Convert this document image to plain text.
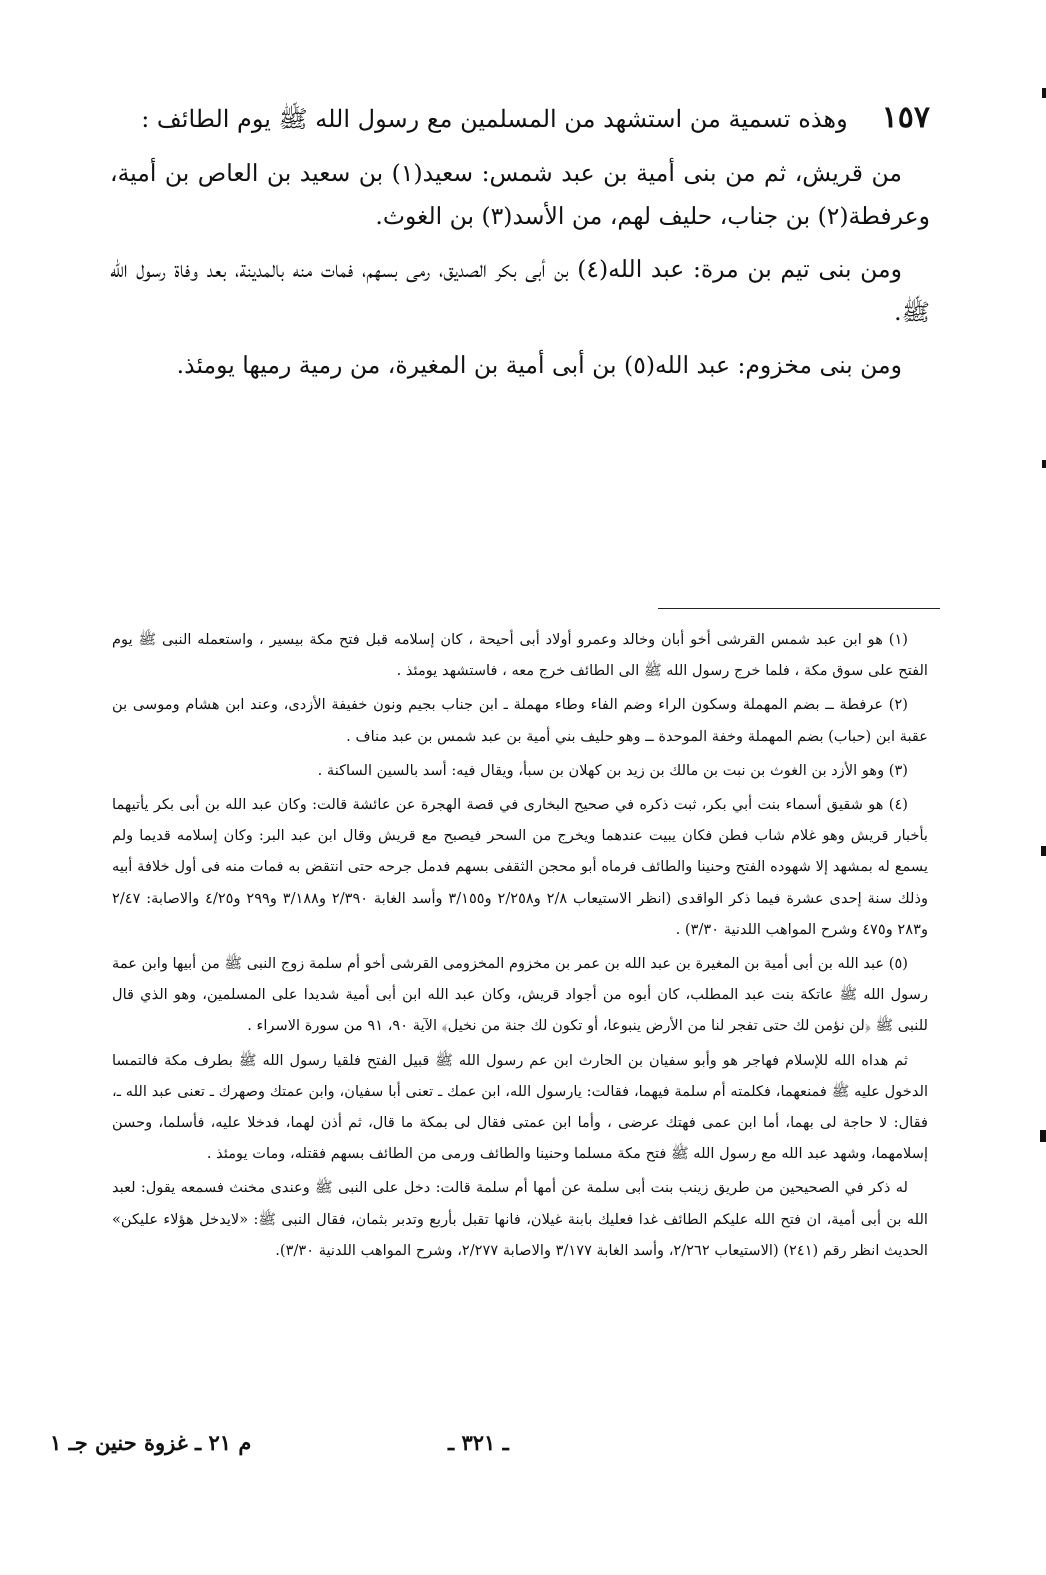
١٥٧وهذه تسمية من استشهد من المسلمين مع رسول الله ﷺ يوم الطائف :

من قريش، ثم من بنى أمية بن عبد شمس: سعيد(١) بن سعيد بن العاص بن أمية، وعرفطة(٢) بن جناب، حليف لهم، من الأسد(٣) بن الغوث.

ومن بنى تيم بن مرة: عبد الله(٤) بن أبى بكر الصديق، رمى بسهم، فمات منه بالمدينة، بعد وفاة رسول الله ﷺ.

ومن بنى مخزوم: عبد الله(٥) بن أبى أمية بن المغيرة، من رمية رميها يومئذ.

(١) هو ابن عبد شمس القرشى أخو أبان وخالد وعمرو أولاد أبى أحيحة ، كان إسلامه قبل فتح مكة بيسير ، واستعمله النبى ﷺ يوم الفتح على سوق مكة ، فلما خرج رسول الله ﷺ الى الطائف خرج معه ، فاستشهد يومئذ .

(٢) عرفطة ــ بضم المهملة وسكون الراء وضم الفاء وطاء مهملة ـ ابن جناب بجيم ونون خفيفة الأزدى، وعند ابن هشام وموسى بن عقبة ابن (حباب) بضم المهملة وخفة الموحدة ــ وهو حليف بني أمية بن عبد شمس بن عبد مناف .

(٣) وهو الأزد بن الغوث بن نبت بن مالك بن زيد بن كهلان بن سبأ، ويقال فيه: أسد بالسين الساكنة .

(٤) هو شقيق أسماء بنت أبي بكر، ثبت ذكره في صحيح البخارى في قصة الهجرة عن عائشة قالت: وكان عبد الله بن أبى بكر يأتيهما بأخبار قريش وهو غلام شاب فطن فكان يبيت عندهما ويخرج من السحر فيصبح مع قريش وقال ابن عبد البر: وكان إسلامه قديما ولم يسمع له بمشهد إلا شهوده الفتح وحنينا والطائف فرماه أبو محجن الثقفى بسهم فدمل جرحه حتى انتقض به فمات منه فى أول خلافة أبيه وذلك سنة إحدى عشرة فيما ذكر الواقدى (انظر الاستيعاب ٢/٨ و٢/٢٥٨ و٣/١٥٥ وأسد الغابة ٢/٣٩٠ و٣/١٨٨ و٢٩٩ و٤/٢٥ والاصابة: ٢/٤٧ و٢٨٣ و٤٧٥ وشرح المواهب اللدنية ٣/٣٠) .

(٥) عبد الله بن أبى أمية بن المغيرة بن عبد الله بن عمر بن مخزوم المخزومى القرشى أخو أم سلمة زوج النبى ﷺ من أبيها وابن عمة رسول الله ﷺ عاتكة بنت عبد المطلب، كان أبوه من أجواد قريش، وكان عبد الله ابن أبى أمية شديدا على المسلمين، وهو الذي قال للنبى ﷺ ﴿لن نؤمن لك حتى تفجر لنا من الأرض ينبوعا، أو تكون لك جنة من نخيل﴾ الآية ٩٠، ٩١ من سورة الاسراء .

ثم هداه الله للإسلام فهاجر هو وأبو سفيان بن الحارث ابن عم رسول الله ﷺ قبيل الفتح فلقيا رسول الله ﷺ بطرف مكة فالتمسا الدخول عليه ﷺ فمنعهما، فكلمته أم سلمة فيهما، فقالت: يارسول الله، ابن عمك ـ تعنى أبا سفيان، وابن عمتك وصهرك ـ تعنى عبد الله ـ، فقال: لا حاجة لى بهما، أما ابن عمى فهتك عرضى ، وأما ابن عمتى فقال لى بمكة ما قال، ثم أذن لهما، فدخلا عليه، فأسلما، وحسن إسلامهما، وشهد عبد الله مع رسول الله ﷺ فتح مكة مسلما وحنينا والطائف ورمى من الطائف بسهم فقتله، ومات يومئذ .

له ذكر في الصحيحين من طريق زينب بنت أبى سلمة عن أمها أم سلمة قالت: دخل على النبى ﷺ وعندى مخنث فسمعه يقول: لعبد الله بن أبى أمية، ان فتح الله عليكم الطائف غدا فعليك بابنة غيلان، فانها تقبل بأربع وتدبر بثمان، فقال النبى ﷺ: «لايدخل هؤلاء عليكن» الحديث انظر رقم (٢٤١) (الاستيعاب ٢/٢٦٢، وأسد الغابة ٣/١٧٧ والاصابة ٢/٢٧٧، وشرح المواهب اللدنية ٣/٣٠).

م ٢١ ـ غزوة حنين جـ ١	ـ ٣٢١ ـ
